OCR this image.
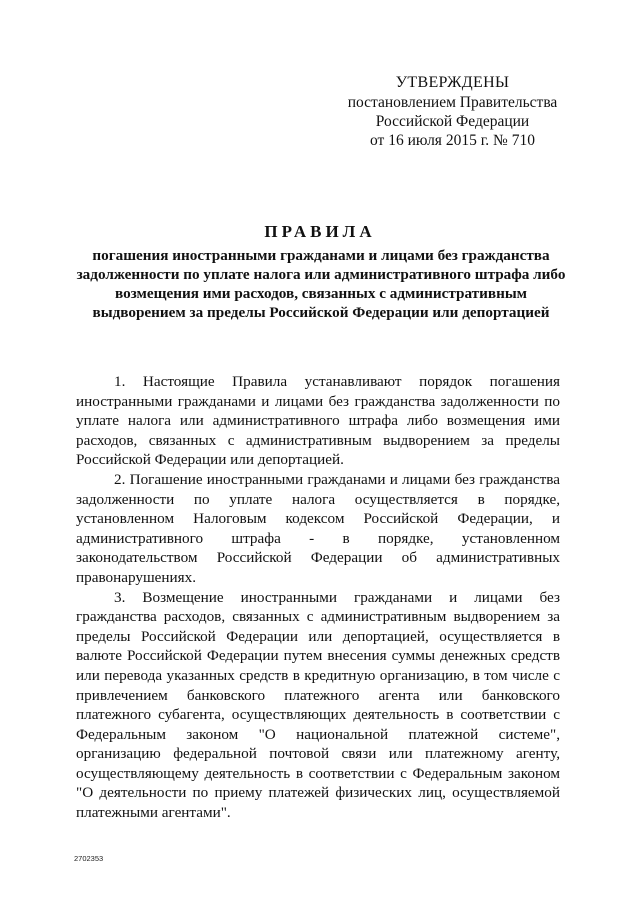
УТВЕРЖДЕНЫ
постановлением Правительства
Российской Федерации
от 16 июля 2015 г. № 710
ПРАВИЛА
погашения иностранными гражданами и лицами без гражданства
задолженности по уплате налога или административного штрафа либо
возмещения ими расходов, связанных с административным
выдворением за пределы Российской Федерации или депортацией

1. Настоящие Правила устанавливают порядок погашения иностранными гражданами и лицами без гражданства задолженности по уплате налога или административного штрафа либо возмещения ими расходов, связанных с административным выдворением за пределы Российской Федерации или депортацией.

2. Погашение иностранными гражданами и лицами без гражданства задолженности по уплате налога осуществляется в порядке, установленном Налоговым кодексом Российской Федерации, и административного штрафа - в порядке, установленном законодательством Российской Федерации об административных правонарушениях.

3. Возмещение иностранными гражданами и лицами без гражданства расходов, связанных с административным выдворением за пределы Российской Федерации или депортацией, осуществляется в валюте Российской Федерации путем внесения суммы денежных средств или перевода указанных средств в кредитную организацию, в том числе с привлечением банковского платежного агента или банковского платежного субагента, осуществляющих деятельность в соответствии с Федеральным законом "О национальной платежной системе", организацию федеральной почтовой связи или платежному агенту, осуществляющему деятельность в соответствии с Федеральным законом "О деятельности по приему платежей физических лиц, осуществляемой платежными агентами".

2702353
